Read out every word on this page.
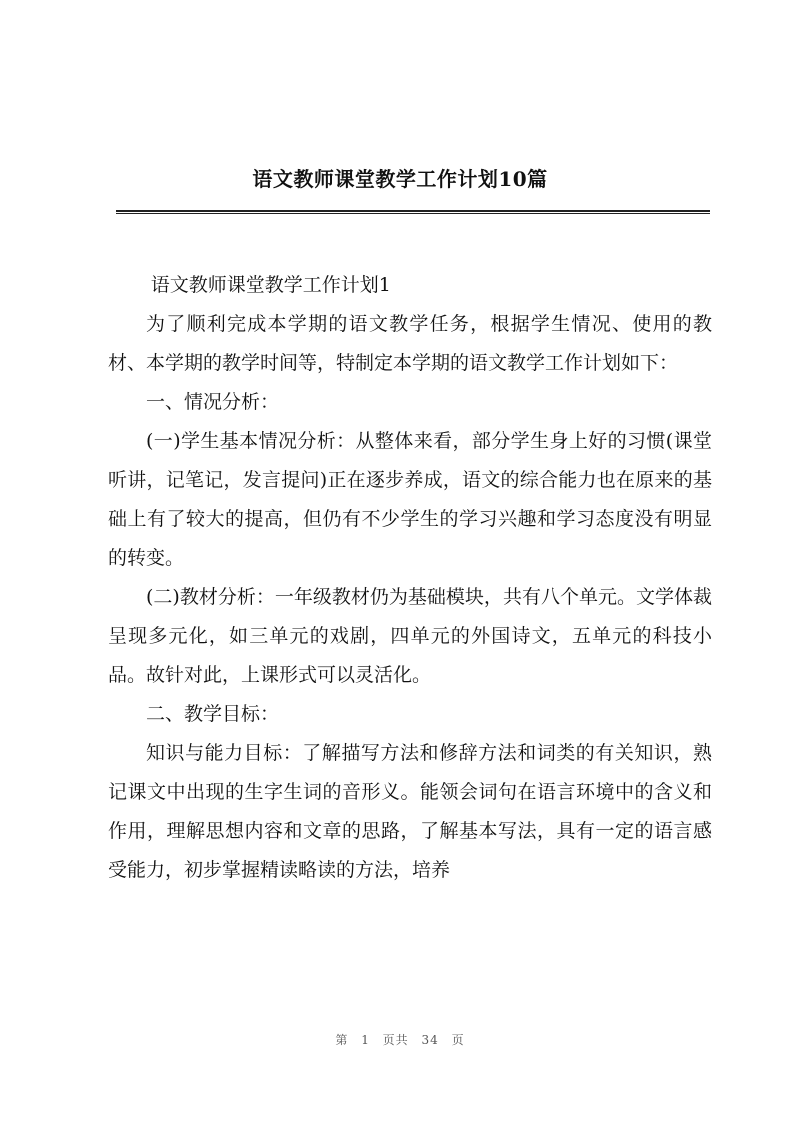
语文教师课堂教学工作计划10篇

语文教师课堂教学工作计划1

为了顺利完成本学期的语文教学任务，根据学生情况、使用的教材、本学期的教学时间等，特制定本学期的语文教学工作计划如下：

一、情况分析：

(一)学生基本情况分析：从整体来看，部分学生身上好的习惯(课堂听讲，记笔记，发言提问)正在逐步养成，语文的综合能力也在原来的基础上有了较大的提高，但仍有不少学生的学习兴趣和学习态度没有明显的转变。

(二)教材分析：一年级教材仍为基础模块，共有八个单元。文学体裁呈现多元化，如三单元的戏剧，四单元的外国诗文，五单元的科技小品。故针对此，上课形式可以灵活化。

二、教学目标：

知识与能力目标：了解描写方法和修辞方法和词类的有关知识，熟记课文中出现的生字生词的音形义。能领会词句在语言环境中的含义和作用，理解思想内容和文章的思路，了解基本写法，具有一定的语言感受能力，初步掌握精读略读的方法，培养

第 1 页共 34 页
